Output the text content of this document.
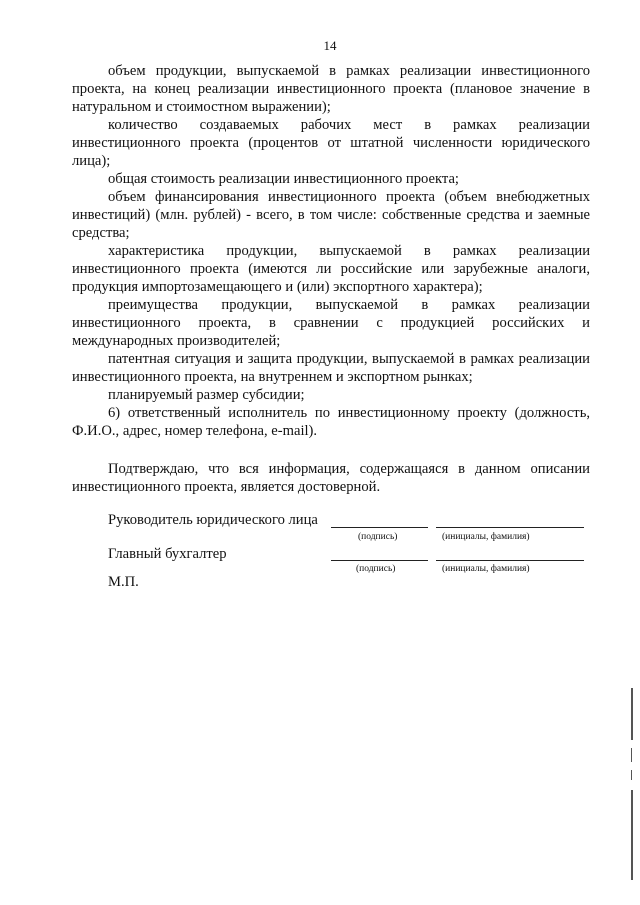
14

объем продукции, выпускаемой в рамках реализации инвестиционного проекта, на конец реализации инвестиционного проекта (плановое значение в натуральном и стоимостном выражении);

количество создаваемых рабочих мест в рамках реализации инвестиционного проекта (процентов от штатной численности юридического лица);

общая стоимость реализации инвестиционного проекта;

объем финансирования инвестиционного проекта (объем внебюджетных инвестиций) (млн. рублей) - всего, в том числе: собственные средства и заемные средства;

характеристика продукции, выпускаемой в рамках реализации инвестиционного проекта (имеются ли российские или зарубежные аналоги, продукция импортозамещающего и (или) экспортного характера);

преимущества продукции, выпускаемой в рамках реализации инвестиционного проекта, в сравнении с продукцией российских и международных производителей;

патентная ситуация и защита продукции, выпускаемой в рамках реализации инвестиционного проекта, на внутреннем и экспортном рынках;

планируемый размер субсидии;

6) ответственный исполнитель по инвестиционному проекту (должность, Ф.И.О., адрес, номер телефона, e-mail).

Подтверждаю, что вся информация, содержащаяся в данном описании инвестиционного проекта, является достоверной.

Руководитель юридического лица
(подпись)	(инициалы, фамилия)
Главный бухгалтер
(подпись)	(инициалы, фамилия)
М.П.
